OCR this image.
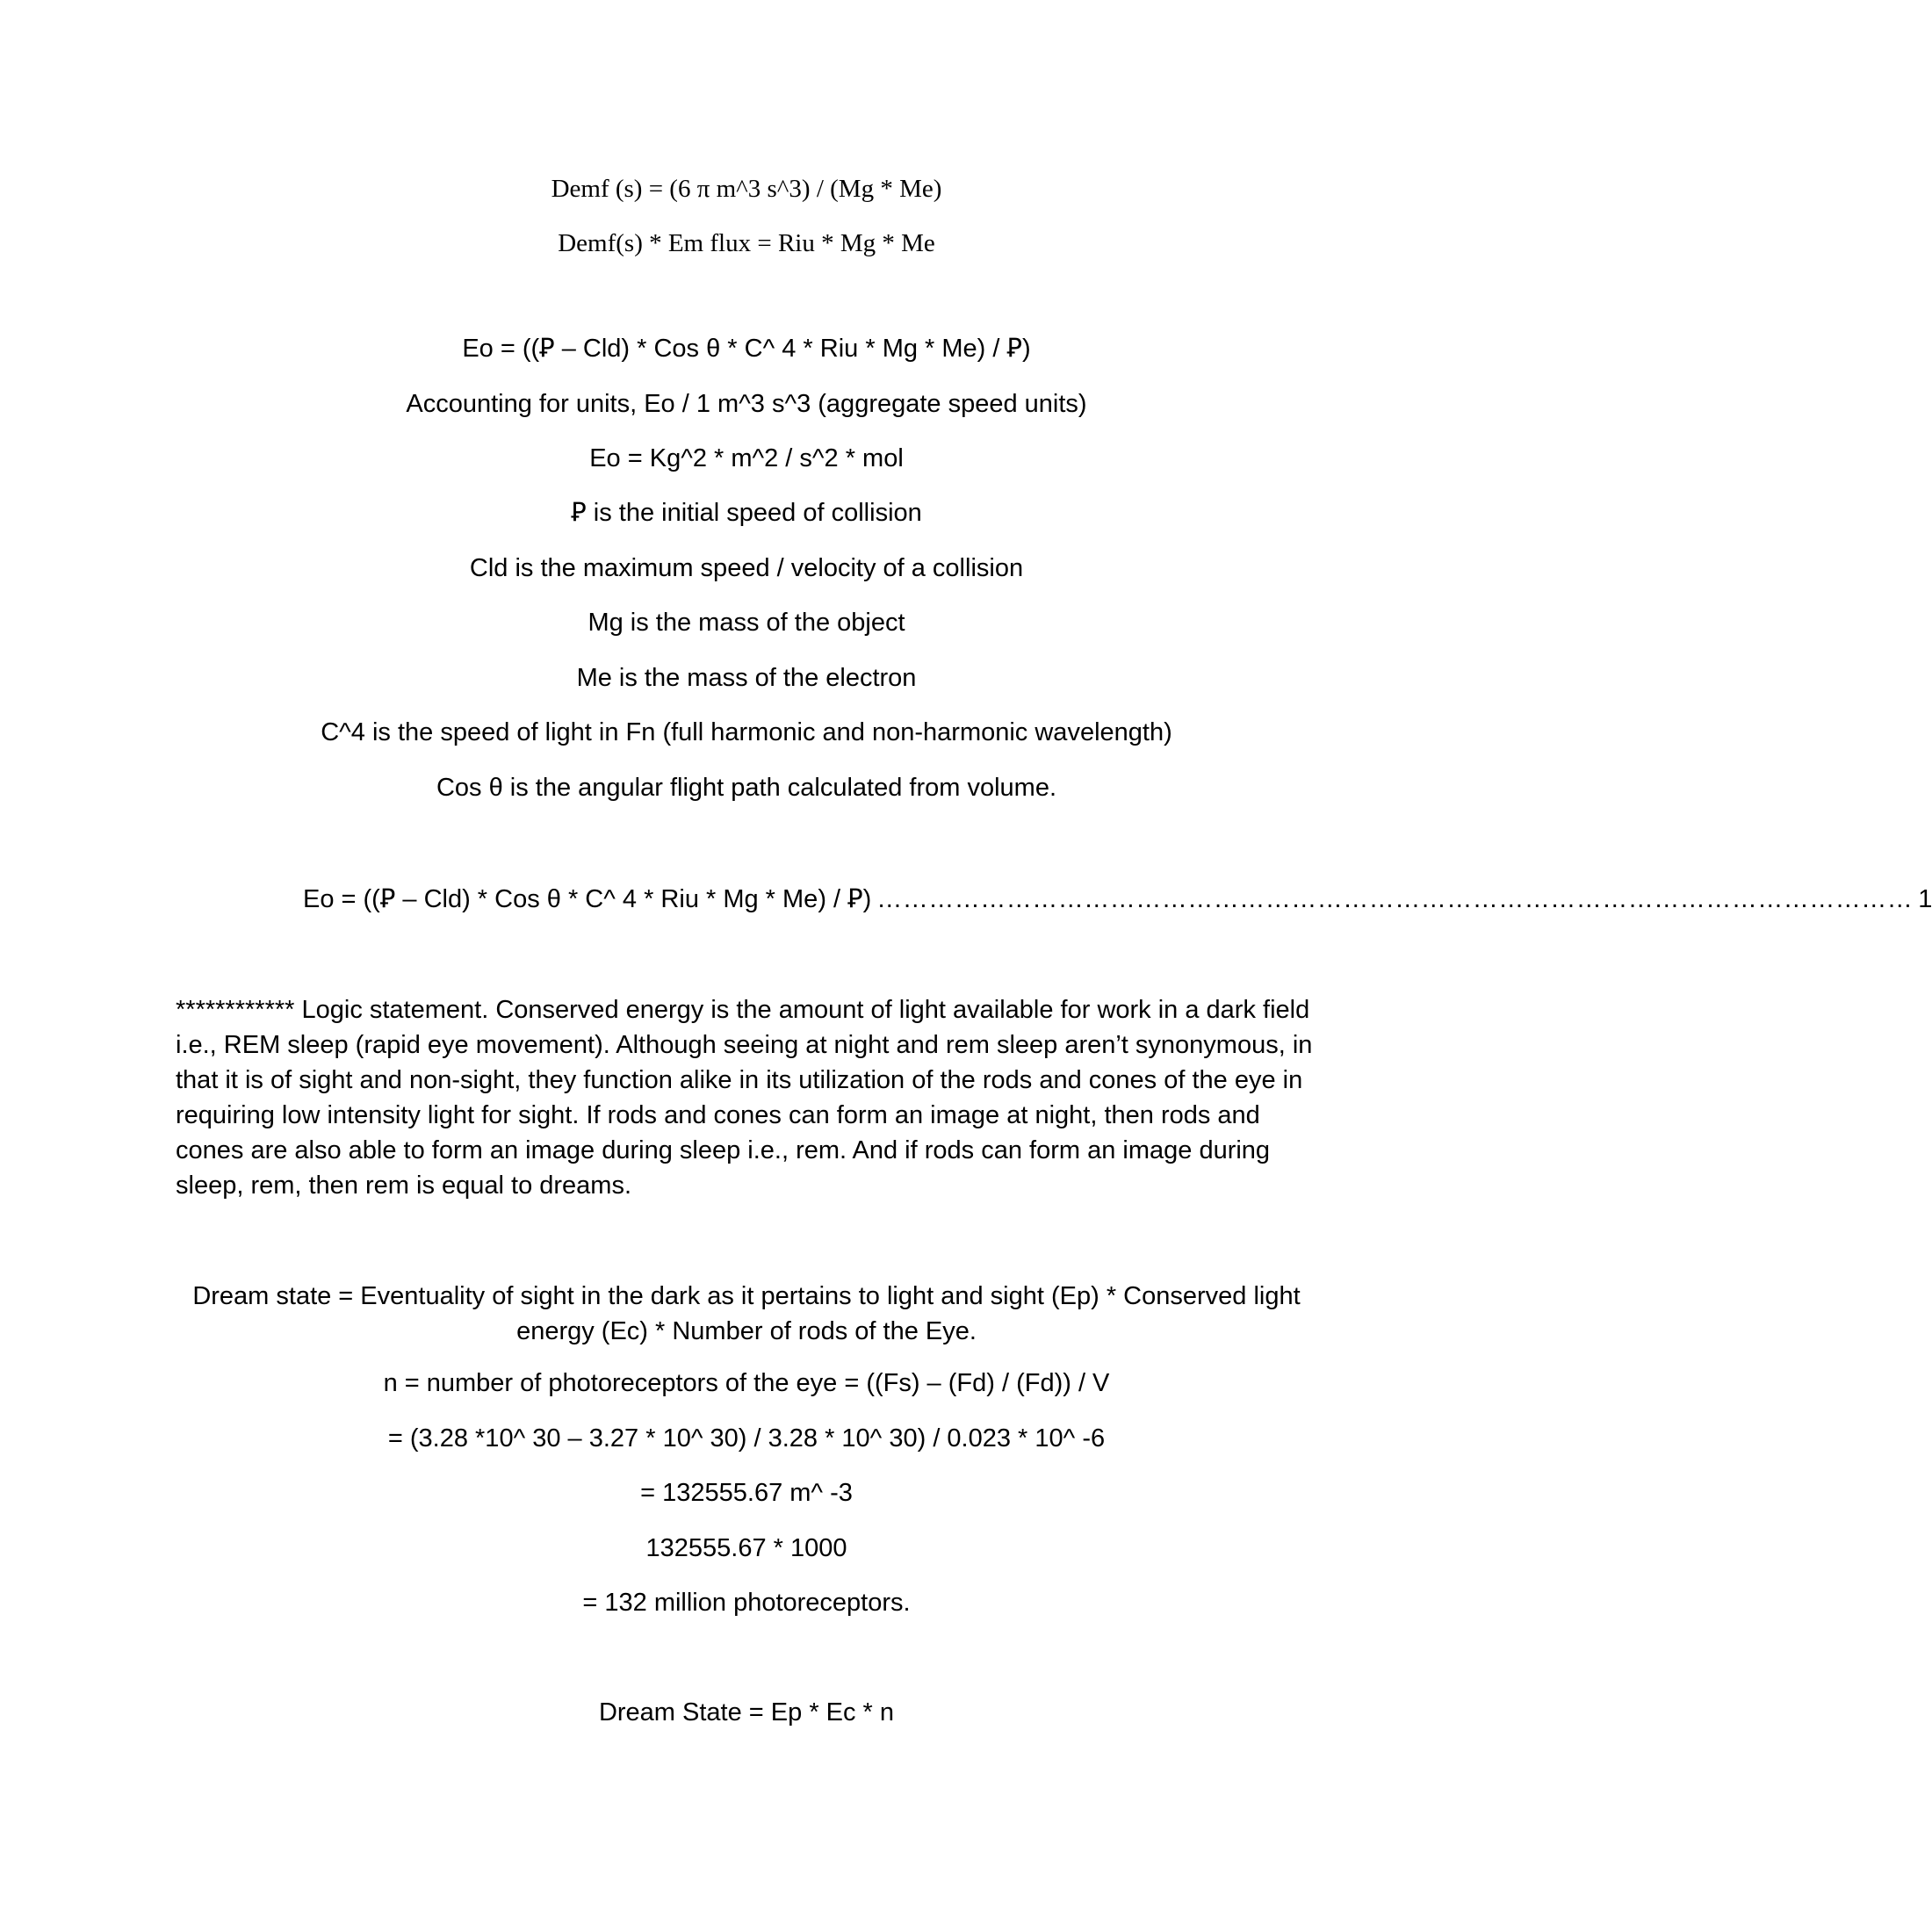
Demf (s) = (6 π m^3 s^3) / (Mg * Me)
Demf(s) * Em flux = Riu * Mg * Me
Eo = ((Ꝑ – Cld) * Cos θ * C^ 4 * Riu * Mg * Me) / Ꝑ)
Accounting for units, Eo / 1 m^3 s^3 (aggregate speed units)
Eo = Kg^2 * m^2 / s^2 * mol
Ꝑ is the initial speed of collision
Cld is the maximum speed / velocity of a collision
Mg is the mass of the object
Me is the mass of the electron
C^4 is the speed of light in Fn (full harmonic and non-harmonic wavelength)
Cos θ is the angular flight path calculated from volume.
Eo = ((Ꝑ – Cld) * Cos θ * C^ 4 * Riu * Mg * Me) / Ꝑ) ………………………………………………………………………………………………………… 1
************ Logic statement. Conserved energy is the amount of light available for work in a dark field i.e., REM sleep (rapid eye movement). Although seeing at night and rem sleep aren’t synonymous, in that it is of sight and non-sight, they function alike in its utilization of the rods and cones of the eye in requiring low intensity light for sight. If rods and cones can form an image at night, then rods and cones are also able to form an image during sleep i.e., rem. And if rods can form an image during sleep, rem, then rem is equal to dreams.
Dream state = Eventuality of sight in the dark as it pertains to light and sight (Ep) * Conserved light energy (Ec) * Number of rods of the Eye.
n = number of photoreceptors of the eye = ((Fs) – (Fd) / (Fd)) / V
= (3.28 *10^ 30 – 3.27 * 10^ 30) / 3.28 * 10^ 30) / 0.023 * 10^ -6
= 132555.67 m^ -3
132555.67 * 1000
= 132 million photoreceptors.
Dream State = Ep * Ec * n
